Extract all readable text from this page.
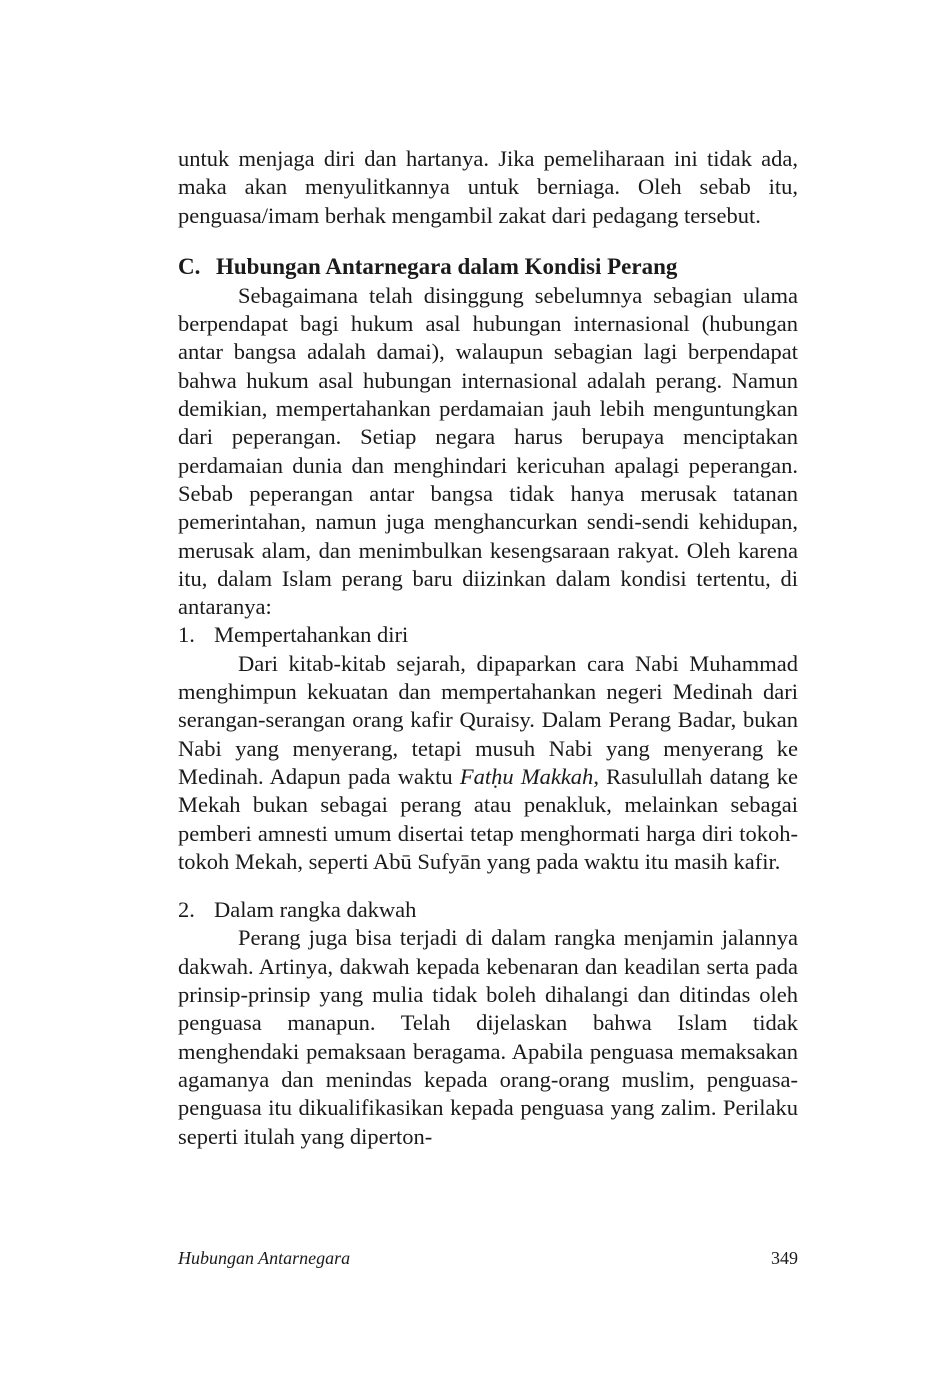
untuk menjaga diri dan hartanya. Jika pemeliharaan ini tidak ada, maka akan menyulitkannya untuk berniaga. Oleh sebab itu, penguasa/imam berhak mengambil zakat dari pedagang tersebut.

C. Hubungan Antarnegara dalam Kondisi Perang

Sebagaimana telah disinggung sebelumnya sebagian ulama berpendapat bagi hukum asal hubungan internasional (hubungan antar bangsa adalah damai), walaupun sebagian lagi berpendapat bahwa hukum asal hubungan internasional adalah perang. Namun demikian, mempertahankan perdamaian jauh lebih menguntungkan dari peperangan. Setiap negara harus berupaya menciptakan perdamaian dunia dan menghindari kericuhan apalagi peperangan. Sebab peperangan antar bangsa tidak hanya merusak tatanan pemerintahan, namun juga menghancurkan sendi-sendi kehidupan, merusak alam, dan menimbulkan kesengsaraan rakyat. Oleh karena itu, dalam Islam perang baru diizinkan dalam kondisi tertentu, di antaranya:

1. Mempertahankan diri

Dari kitab-kitab sejarah, dipaparkan cara Nabi Muhammad menghimpun kekuatan dan mempertahankan negeri Medinah dari serangan-serangan orang kafir Quraisy. Dalam Perang Badar, bukan Nabi yang menyerang, tetapi musuh Nabi yang menyerang ke Medinah. Adapun pada waktu Fatḥu Makkah, Rasulullah datang ke Mekah bukan sebagai perang atau penakluk, melainkan sebagai pemberi amnesti umum disertai tetap menghormati harga diri tokoh-tokoh Mekah, seperti Abū Sufyān yang pada waktu itu masih kafir.

2. Dalam rangka dakwah

Perang juga bisa terjadi di dalam rangka menjamin jalannya dakwah. Artinya, dakwah kepada kebenaran dan keadilan serta pada prinsip-prinsip yang mulia tidak boleh dihalangi dan ditindas oleh penguasa manapun. Telah dijelaskan bahwa Islam tidak menghendaki pemaksaan beragama. Apabila penguasa memaksakan agamanya dan menindas kepada orang-orang muslim, penguasa-penguasa itu dikualifikasikan kepada penguasa yang zalim. Perilaku seperti itulah yang diperton-

Hubungan Antarnegara	349
